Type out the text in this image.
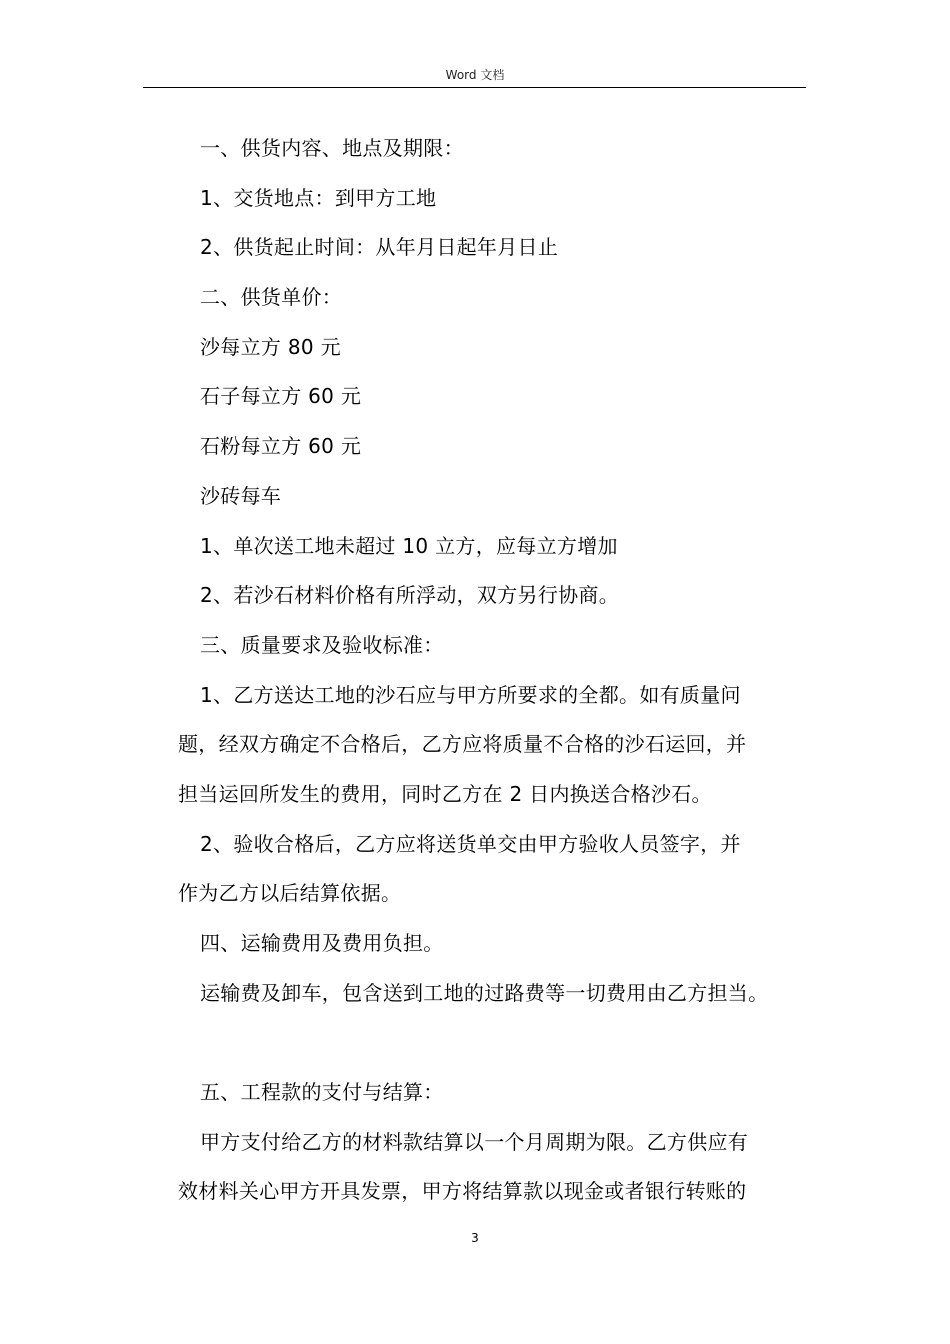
Word 文档
一、供货内容、地点及期限：
1、交货地点：到甲方工地
2、供货起止时间：从年月日起年月日止
二、供货单价：
沙每立方 80 元
石子每立方 60 元
石粉每立方 60 元
沙砖每车
1、单次送工地未超过 10 立方，应每立方增加
2、若沙石材料价格有所浮动，双方另行协商。
三、质量要求及验收标准：
1、乙方送达工地的沙石应与甲方所要求的全都。如有质量问
题，经双方确定不合格后，乙方应将质量不合格的沙石运回，并
担当运回所发生的费用，同时乙方在 2 日内换送合格沙石。
2、验收合格后，乙方应将送货单交由甲方验收人员签字，并
作为乙方以后结算依据。
四、运输费用及费用负担。
运输费及卸车，包含送到工地的过路费等一切费用由乙方担当。
五、工程款的支付与结算：
甲方支付给乙方的材料款结算以一个月周期为限。乙方供应有
效材料关心甲方开具发票，甲方将结算款以现金或者银行转账的
3
